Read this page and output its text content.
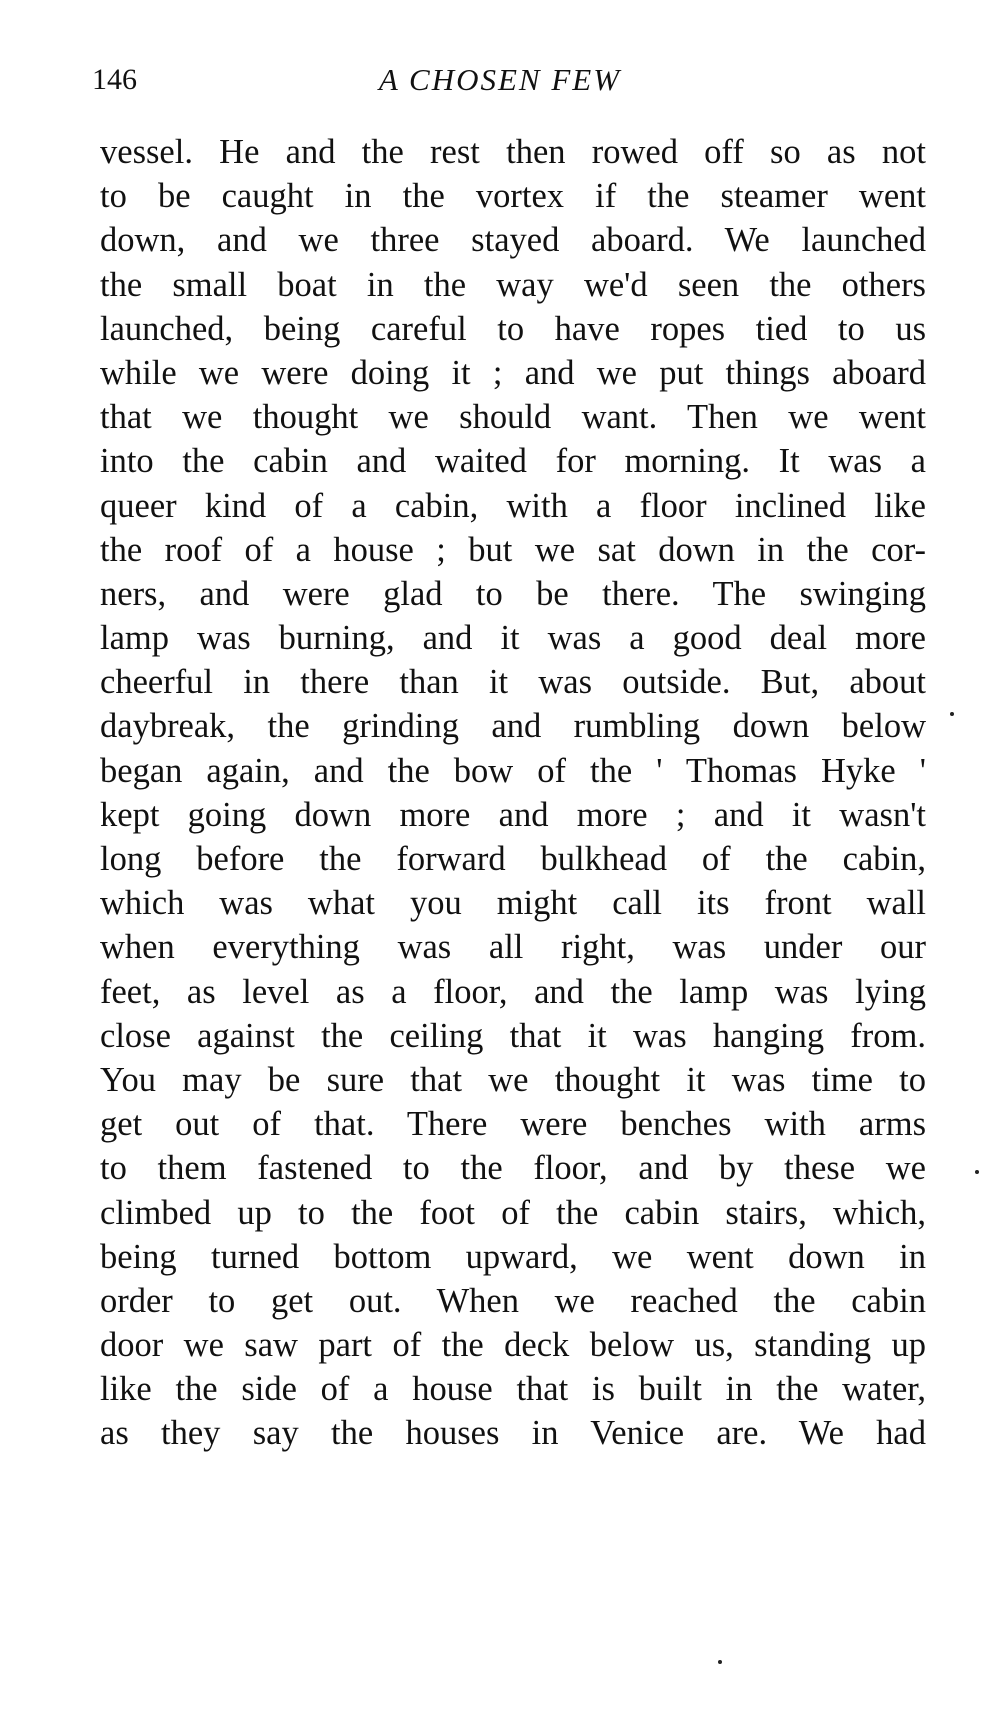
146	A CHOSEN FEW
vessel. He and the rest then rowed off so as not
to be caught in the vortex if the steamer went
down, and we three stayed aboard. We launched
the small boat in the way we'd seen the others
launched, being careful to have ropes tied to us
while we were doing it ; and we put things aboard
that we thought we should want. Then we went
into the cabin and waited for morning. It was a
queer kind of a cabin, with a floor inclined like
the roof of a house ; but we sat down in the cor-
ners, and were glad to be there. The swinging
lamp was burning, and it was a good deal more
cheerful in there than it was outside. But, about
daybreak, the grinding and rumbling down below
began again, and the bow of the ' Thomas Hyke '
kept going down more and more ; and it wasn't
long before the forward bulkhead of the cabin,
which was what you might call its front wall
when everything was all right, was under our
feet, as level as a floor, and the lamp was lying
close against the ceiling that it was hanging from.
You may be sure that we thought it was time to
get out of that. There were benches with arms
to them fastened to the floor, and by these we
climbed up to the foot of the cabin stairs, which,
being turned bottom upward, we went down in
order to get out. When we reached the cabin
door we saw part of the deck below us, standing up
like the side of a house that is built in the water,
as they say the houses in Venice are. We had
